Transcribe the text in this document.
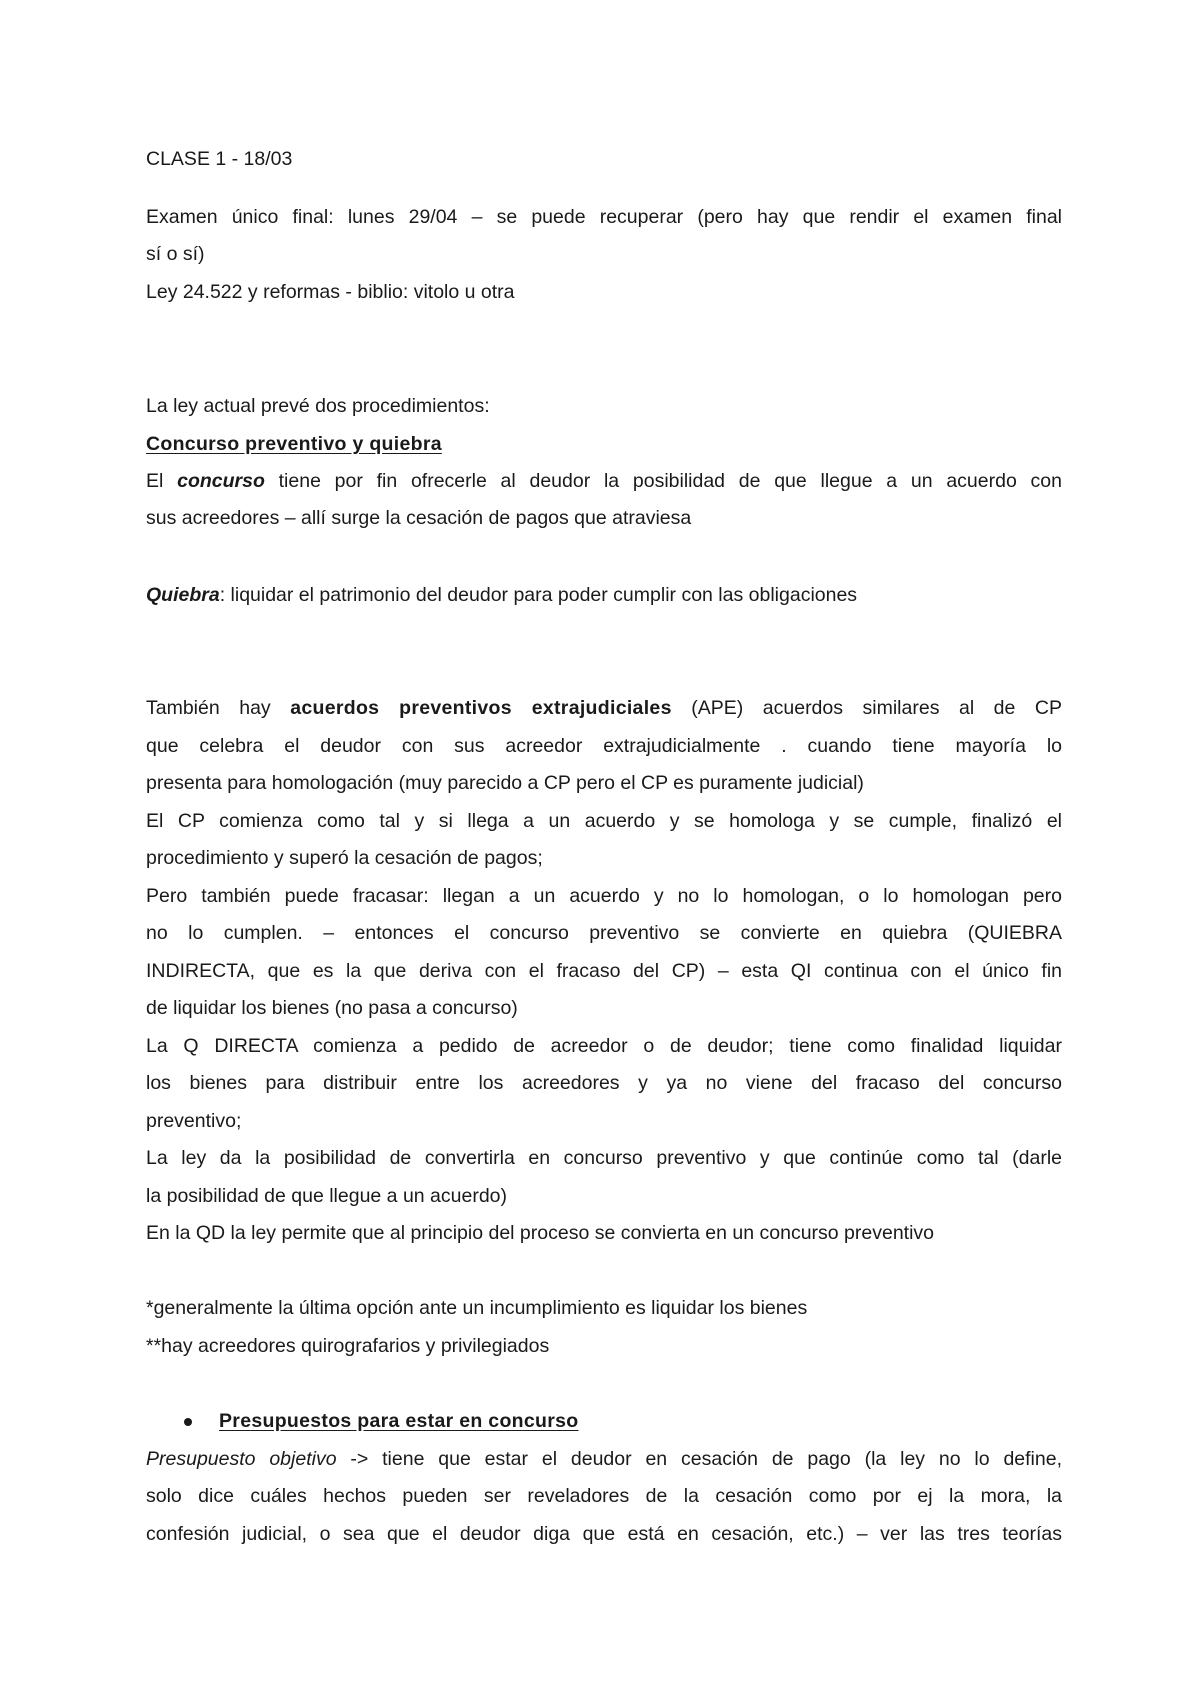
CLASE 1 - 18/03
Examen único final: lunes 29/04 – se puede recuperar (pero hay que rendir el examen final
sí o sí)
Ley 24.522 y reformas - biblio: vitolo u otra
La ley actual prevé dos procedimientos:
Concurso preventivo y quiebra
El concurso tiene por fin ofrecerle al deudor la posibilidad de que llegue a un acuerdo con
sus acreedores – allí surge la cesación de pagos que atraviesa
Quiebra: liquidar el patrimonio del deudor para poder cumplir con las obligaciones
También hay acuerdos preventivos extrajudiciales (APE) acuerdos similares al de CP
que celebra el deudor con sus acreedor extrajudicialmente . cuando tiene mayoría lo
presenta para homologación (muy parecido a CP pero el CP es puramente judicial)
El CP comienza como tal y si llega a un acuerdo y se homologa y se cumple, finalizó el
procedimiento y superó la cesación de pagos;
Pero también puede fracasar: llegan a un acuerdo y no lo homologan, o lo homologan pero
no lo cumplen. – entonces el concurso preventivo se convierte en quiebra (QUIEBRA
INDIRECTA, que es la que deriva con el fracaso del CP) – esta QI continua con el único fin
de liquidar los bienes (no pasa a concurso)
La Q DIRECTA comienza a pedido de acreedor o de deudor; tiene como finalidad liquidar
los bienes para distribuir entre los acreedores y ya no viene del fracaso del concurso
preventivo;
La ley da la posibilidad de convertirla en concurso preventivo y que continúe como tal (darle
la posibilidad de que llegue a un acuerdo)
En la QD la ley permite que al principio del proceso se convierta en un concurso preventivo
*generalmente la última opción ante un incumplimiento es liquidar los bienes
**hay acreedores quirografarios y privilegiados
Presupuestos para estar en concurso
Presupuesto objetivo -> tiene que estar el deudor en cesación de pago (la ley no lo define,
solo dice cuáles hechos pueden ser reveladores de la cesación como por ej la mora, la
confesión judicial, o sea que el deudor diga que está en cesación, etc.) – ver las tres teorías
